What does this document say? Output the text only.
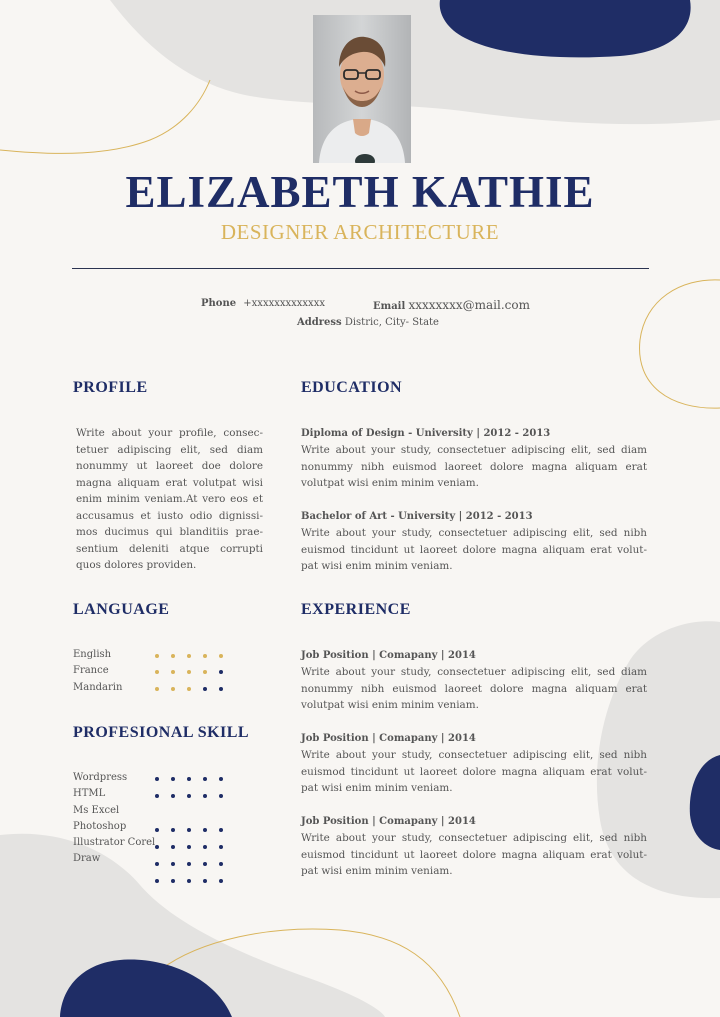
ELIZABETH KATHIE
DESIGNER ARCHITECTURE
Phone +xxxxxxxxxxxxx	Email xxxxxxxx@mail.com
Address Distric, City- State
PROFILE
Write about your profile, consec- tetuer adipiscing elit, sed diam nonummy ut laoreet doe dolore magna aliquam erat volutpat wisi enim minim veniam.At vero eos et accusamus et iusto odio dignissi- mos ducimus qui blanditiis prae- sentium deleniti atque corrupti quos dolores providen.
EDUCATION
Diploma of Design - University | 2012 - 2013
Write about your study, consectetuer adipiscing elit, sed diam nonummy nibh euismod laoreet dolore magna aliquam erat volutpat wisi enim minim veniam.
Bachelor of Art - University | 2012 - 2013
Write about your study, consectetuer adipiscing elit, sed nibh euismod tincidunt ut laoreet dolore magna aliquam erat volut- pat wisi enim minim veniam.
LANGUAGE
English
France
Mandarin
PROFESIONAL SKILL
Wordpress
HTML
Ms Excel
Photoshop
Illustrator Corel
Draw
EXPERIENCE
Job Position | Comapany | 2014
Write about your study, consectetuer adipiscing elit, sed diam nonummy nibh euismod laoreet dolore magna aliquam erat volutpat wisi enim minim veniam.
Job Position | Comapany | 2014
Write about your study, consectetuer adipiscing elit, sed nibh euismod tincidunt ut laoreet dolore magna aliquam erat volut- pat wisi enim minim veniam.
Job Position | Comapany | 2014
Write about your study, consectetuer adipiscing elit, sed nibh euismod tincidunt ut laoreet dolore magna aliquam erat volut- pat wisi enim minim veniam.
